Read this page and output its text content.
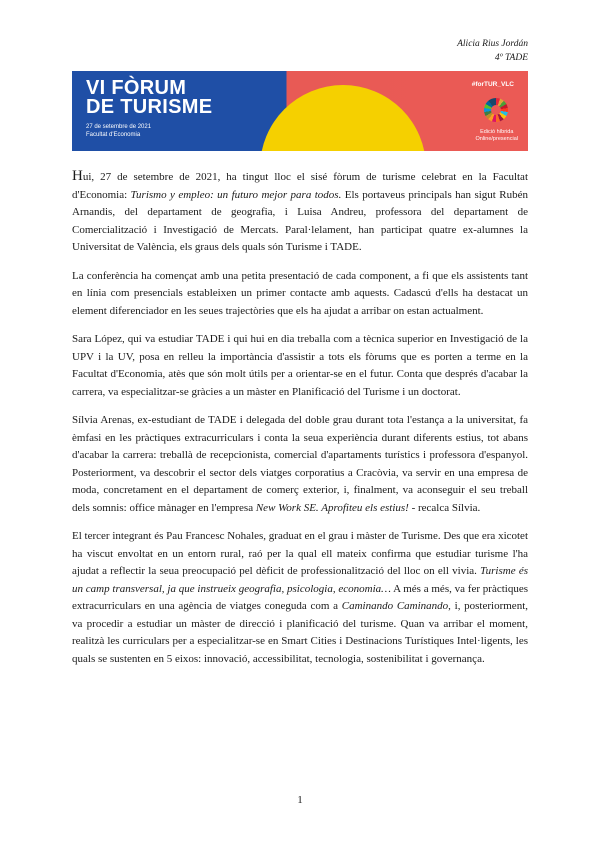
Alicia Rius Jordán
4º TADE
VI FÒRUM
DE TURISME
27 de setembre de 2021
Facultat d'Economia
#forTUR_VLC
Edició híbrida
Online/presencial

Hui, 27 de setembre de 2021, ha tingut lloc el sisé fòrum de turisme celebrat en la Facultat d'Economia: Turismo y empleo: un futuro mejor para todos. Els portaveus principals han sigut Rubén Arnandis, del departament de geografia, i Luisa Andreu, professora del departament de Comercialització i Investigació de Mercats. Paral·lelament, han participat quatre ex-alumnes la Universitat de València, els graus dels quals són Turisme i TADE.

La conferència ha començat amb una petita presentació de cada component, a fi que els assistents tant en línia com presencials estableixen un primer contacte amb aquests. Cadascú d'ells ha destacat un element diferenciador en les seues trajectòries que els ha ajudat a arribar on estan actualment.

Sara López, qui va estudiar TADE i qui hui en dia treballa com a tècnica superior en Investigació de la UPV i la UV, posa en relleu la importància d'assistir a tots els fòrums que es porten a terme en la Facultat d'Economia, atès que són molt útils per a orientar-se en el futur. Conta que després d'acabar la carrera, va especialitzar-se gràcies a un màster en Planificació del Turisme i un doctorat.

Sílvia Arenas, ex-estudiant de TADE i delegada del doble grau durant tota l'estança a la universitat, fa èmfasi en les pràctiques extracurriculars i conta la seua experiència durant diferents estius, tot abans d'acabar la carrera: treballà de recepcionista, comercial d'apartaments turístics i professora d'espanyol. Posteriorment, va descobrir el sector dels viatges corporatius a Cracòvia, va servir en una empresa de moda, concretament en el departament de comerç exterior, i, finalment, va aconseguir el seu treball dels somnis: office mànager en l'empresa New Work SE. Aprofiteu els estius! - recalca Sílvia.

El tercer integrant és Pau Francesc Nohales, graduat en el grau i màster de Turisme. Des que era xicotet ha viscut envoltat en un entorn rural, raó per la qual ell mateix confirma que estudiar turisme l'ha ajudat a reflectir la seua preocupació pel dèficit de professionalització del lloc on ell vivia. Turisme és un camp transversal, ja que instrueix geografia, psicologia, economia… A més a més, va fer pràctiques extracurriculars en una agència de viatges coneguda com a Caminando Caminando, i, posteriorment, va procedir a estudiar un màster de direcció i planificació del turisme. Quan va arribar el moment, realitzà les curriculars per a especialitzar-se en Smart Cities i Destinacions Turístiques Intel·ligents, les quals se sustenten en 5 eixos: innovació, accessibilitat, tecnologia, sostenibilitat i governança.

1
